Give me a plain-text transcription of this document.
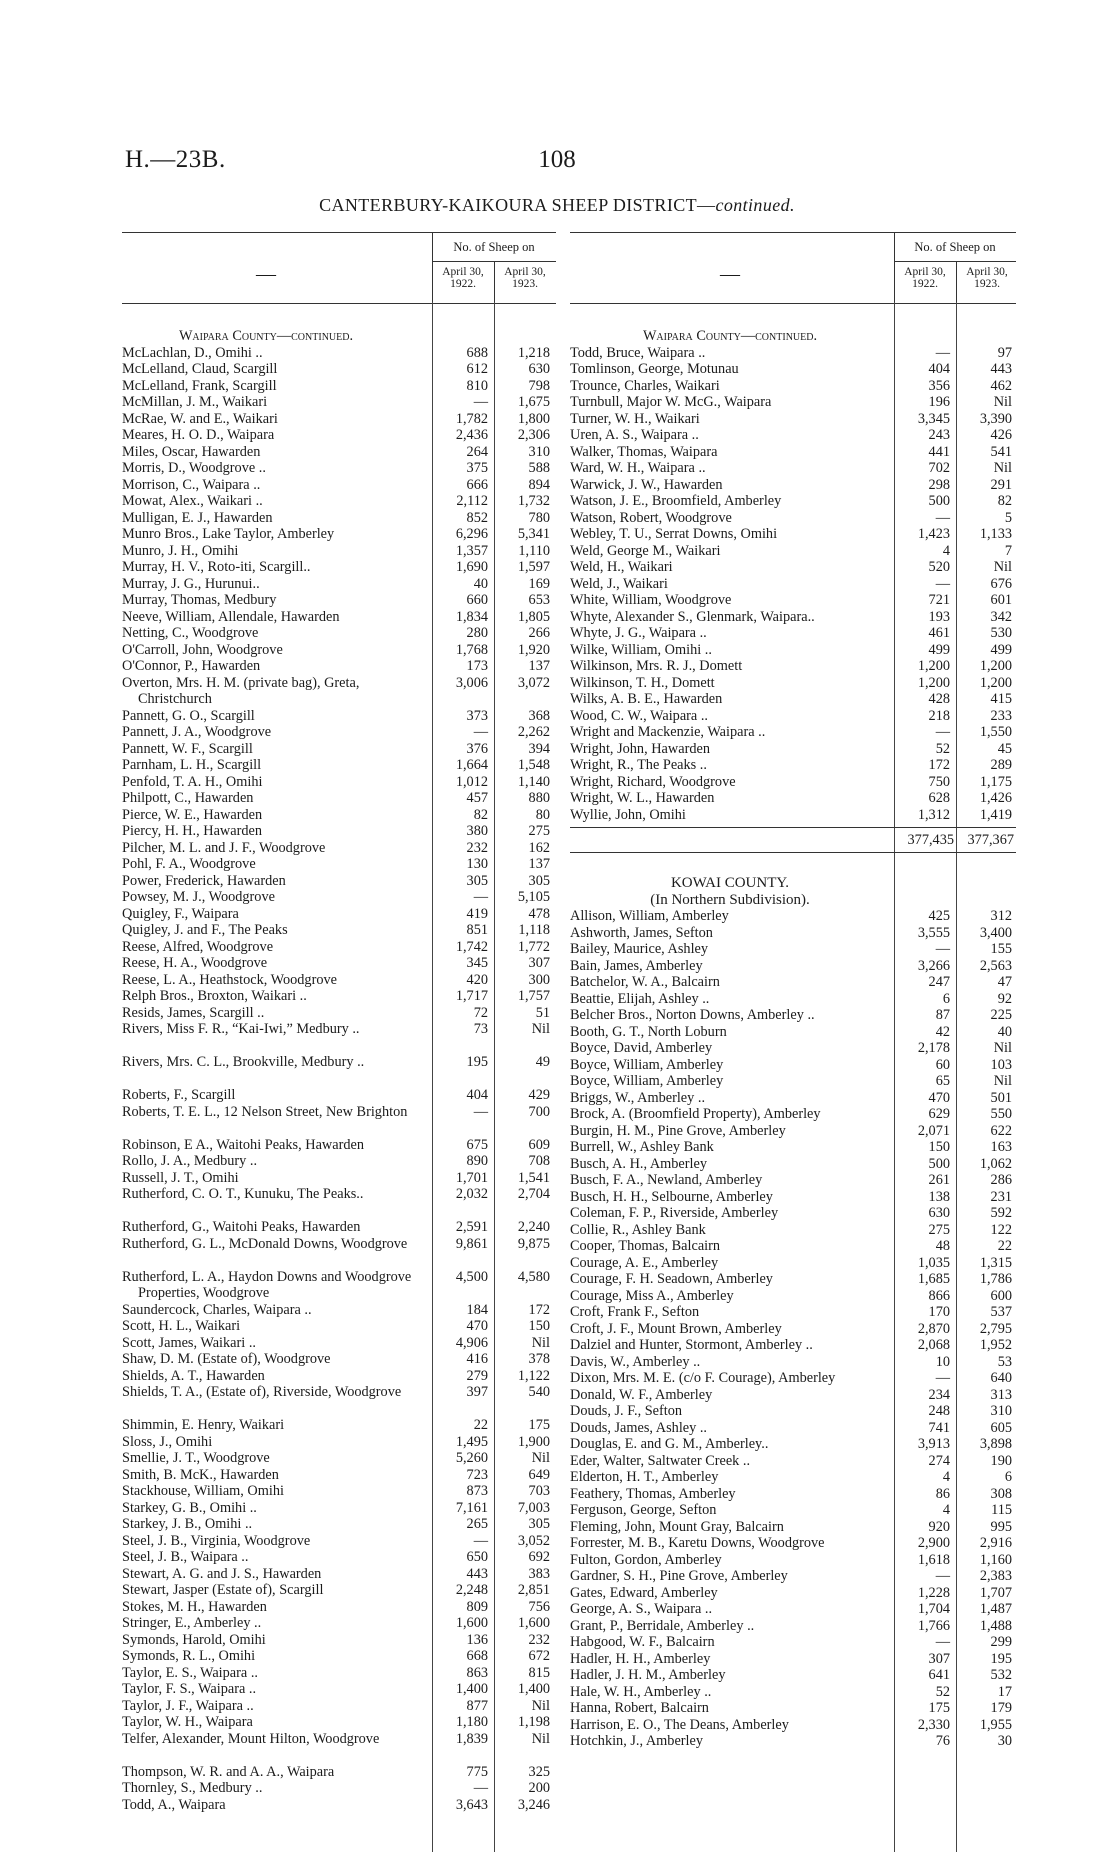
H.—23B.	108
CANTERBURY-KAIKOURA SHEEP DISTRICT—continued.
—
No. of Sheep on
April 30, 1922.
April 30, 1923.
Waipara County—continued.
McLachlan, D., Omihi ..	688	1,218
McLelland, Claud, Scargill	612	630
McLelland, Frank, Scargill	810	798
McMillan, J. M., Waikari	—	1,675
McRae, W. and E., Waikari	1,782	1,800
Meares, H. O. D., Waipara	2,436	2,306
Miles, Oscar, Hawarden	264	310
Morris, D., Woodgrove ..	375	588
Morrison, C., Waipara ..	666	894
Mowat, Alex., Waikari ..	2,112	1,732
Mulligan, E. J., Hawarden	852	780
Munro Bros., Lake Taylor, Amberley	6,296	5,341
Munro, J. H., Omihi	1,357	1,110
Murray, H. V., Roto-iti, Scargill..	1,690	1,597
Murray, J. G., Hurunui..	40	169
Murray, Thomas, Medbury	660	653
Neeve, William, Allendale, Hawarden	1,834	1,805
Netting, C., Woodgrove	280	266
O'Carroll, John, Woodgrove	1,768	1,920
O'Connor, P., Hawarden	173	137
Overton, Mrs. H. M. (private bag), Greta, Christchurch
3,006	3,072
Pannett, G. O., Scargill	373	368
Pannett, J. A., Woodgrove	—	2,262
Pannett, W. F., Scargill	376	394
Parnham, L. H., Scargill	1,664	1,548
Penfold, T. A. H., Omihi	1,012	1,140
Philpott, C., Hawarden	457	880
Pierce, W. E., Hawarden	82	80
Piercy, H. H., Hawarden	380	275
Pilcher, M. L. and J. F., Woodgrove	232	162
Pohl, F. A., Woodgrove	130	137
Power, Frederick, Hawarden	305	305
Powsey, M. J., Woodgrove	—	5,105
Quigley, F., Waipara	419	478
Quigley, J. and F., The Peaks	851	1,118
Reese, Alfred, Woodgrove	1,742	1,772
Reese, H. A., Woodgrove	345	307
Reese, L. A., Heathstock, Woodgrove	420	300
Relph Bros., Broxton, Waikari ..	1,717	1,757
Resids, James, Scargill ..	72	51
Rivers, Miss F. R., “Kai-Iwi,” Medbury ..	73	Nil
Rivers, Mrs. C. L., Brookville, Medbury ..	195	49
Roberts, F., Scargill	404	429
Roberts, T. E. L., 12 Nelson Street, New Brighton	—	700
Robinson, E A., Waitohi Peaks, Hawarden	675	609
Rollo, J. A., Medbury ..	890	708
Russell, J. T., Omihi	1,701	1,541
Rutherford, C. O. T., Kunuku, The Peaks..	2,032	2,704
Rutherford, G., Waitohi Peaks, Hawarden	2,591	2,240
Rutherford, G. L., McDonald Downs, Woodgrove	9,861	9,875
Rutherford, L. A., Haydon Downs and Woodgrove Properties, Woodgrove
4,500	4,580
Saundercock, Charles, Waipara ..	184	172
Scott, H. L., Waikari	470	150
Scott, James, Waikari ..	4,906	Nil
Shaw, D. M. (Estate of), Woodgrove	416	378
Shields, A. T., Hawarden	279	1,122
Shields, T. A., (Estate of), Riverside, Woodgrove	397	540
Shimmin, E. Henry, Waikari	22	175
Sloss, J., Omihi	1,495	1,900
Smellie, J. T., Woodgrove	5,260	Nil
Smith, B. McK., Hawarden	723	649
Stackhouse, William, Omihi	873	703
Starkey, G. B., Omihi ..	7,161	7,003
Starkey, J. B., Omihi ..	265	305
Steel, J. B., Virginia, Woodgrove	—	3,052
Steel, J. B., Waipara ..	650	692
Stewart, A. G. and J. S., Hawarden	443	383
Stewart, Jasper (Estate of), Scargill	2,248	2,851
Stokes, M. H., Hawarden	809	756
Stringer, E., Amberley ..	1,600	1,600
Symonds, Harold, Omihi	136	232
Symonds, R. L., Omihi	668	672
Taylor, E. S., Waipara ..	863	815
Taylor, F. S., Waipara ..	1,400	1,400
Taylor, J. F., Waipara ..	877	Nil
Taylor, W. H., Waipara	1,180	1,198
Telfer, Alexander, Mount Hilton, Woodgrove	1,839	Nil
Thompson, W. R. and A. A., Waipara	775	325
Thornley, S., Medbury ..	—	200
Todd, A., Waipara	3,643	3,246
—
No. of Sheep on
April 30, 1922.
April 30, 1923.
Waipara County—continued.
Todd, Bruce, Waipara ..	—	97
Tomlinson, George, Motunau	404	443
Trounce, Charles, Waikari	356	462
Turnbull, Major W. McG., Waipara	196	Nil
Turner, W. H., Waikari	3,345	3,390
Uren, A. S., Waipara ..	243	426
Walker, Thomas, Waipara	441	541
Ward, W. H., Waipara ..	702	Nil
Warwick, J. W., Hawarden	298	291
Watson, J. E., Broomfield, Amberley	500	82
Watson, Robert, Woodgrove	—	5
Webley, T. U., Serrat Downs, Omihi	1,423	1,133
Weld, George M., Waikari	4	7
Weld, H., Waikari	520	Nil
Weld, J., Waikari	—	676
White, William, Woodgrove	721	601
Whyte, Alexander S., Glenmark, Waipara..	193	342
Whyte, J. G., Waipara ..	461	530
Wilke, William, Omihi ..	499	499
Wilkinson, Mrs. R. J., Domett	1,200	1,200
Wilkinson, T. H., Domett	1,200	1,200
Wilks, A. B. E., Hawarden	428	415
Wood, C. W., Waipara ..	218	233
Wright and Mackenzie, Waipara ..	—	1,550
Wright, John, Hawarden	52	45
Wright, R., The Peaks ..	172	289
Wright, Richard, Woodgrove	750	1,175
Wright, W. L., Hawarden	628	1,426
Wyllie, John, Omihi	1,312	1,419
377,435 377,367
KOWAI COUNTY.
(In Northern Subdivision).
Allison, William, Amberley	425	312
Ashworth, James, Sefton	3,555	3,400
Bailey, Maurice, Ashley	—	155
Bain, James, Amberley	3,266	2,563
Batchelor, W. A., Balcairn	247	47
Beattie, Elijah, Ashley ..	6	92
Belcher Bros., Norton Downs, Amberley ..	87	225
Booth, G. T., North Loburn	42	40
Boyce, David, Amberley	2,178	Nil
Boyce, William, Amberley	60	103
Boyce, William, Amberley	65	Nil
Briggs, W., Amberley ..	470	501
Brock, A. (Broomfield Property), Amberley	629	550
Burgin, H. M., Pine Grove, Amberley	2,071	622
Burrell, W., Ashley Bank	150	163
Busch, A. H., Amberley	500	1,062
Busch, F. A., Newland, Amberley	261	286
Busch, H. H., Selbourne, Amberley	138	231
Coleman, F. P., Riverside, Amberley	630	592
Collie, R., Ashley Bank	275	122
Cooper, Thomas, Balcairn	48	22
Courage, A. E., Amberley	1,035	1,315
Courage, F. H. Seadown, Amberley	1,685	1,786
Courage, Miss A., Amberley	866	600
Croft, Frank F., Sefton	170	537
Croft, J. F., Mount Brown, Amberley	2,870	2,795
Dalziel and Hunter, Stormont, Amberley ..	2,068	1,952
Davis, W., Amberley ..	10	53
Dixon, Mrs. M. E. (c/o F. Courage), Amberley	—	640
Donald, W. F., Amberley	234	313
Douds, J. F., Sefton	248	310
Douds, James, Ashley ..	741	605
Douglas, E. and G. M., Amberley..	3,913	3,898
Eder, Walter, Saltwater Creek ..	274	190
Elderton, H. T., Amberley	4	6
Feathery, Thomas, Amberley	86	308
Ferguson, George, Sefton	4	115
Fleming, John, Mount Gray, Balcairn	920	995
Forrester, M. B., Karetu Downs, Woodgrove	2,900	2,916
Fulton, Gordon, Amberley	1,618	1,160
Gardner, S. H., Pine Grove, Amberley	—	2,383
Gates, Edward, Amberley	1,228	1,707
George, A. S., Waipara ..	1,704	1,487
Grant, P., Berridale, Amberley ..	1,766	1,488
Habgood, W. F., Balcairn	—	299
Hadler, H. H., Amberley	307	195
Hadler, J. H. M., Amberley	641	532
Hale, W. H., Amberley ..	52	17
Hanna, Robert, Balcairn	175	179
Harrison, E. O., The Deans, Amberley	2,330	1,955
Hotchkin, J., Amberley	76	30
